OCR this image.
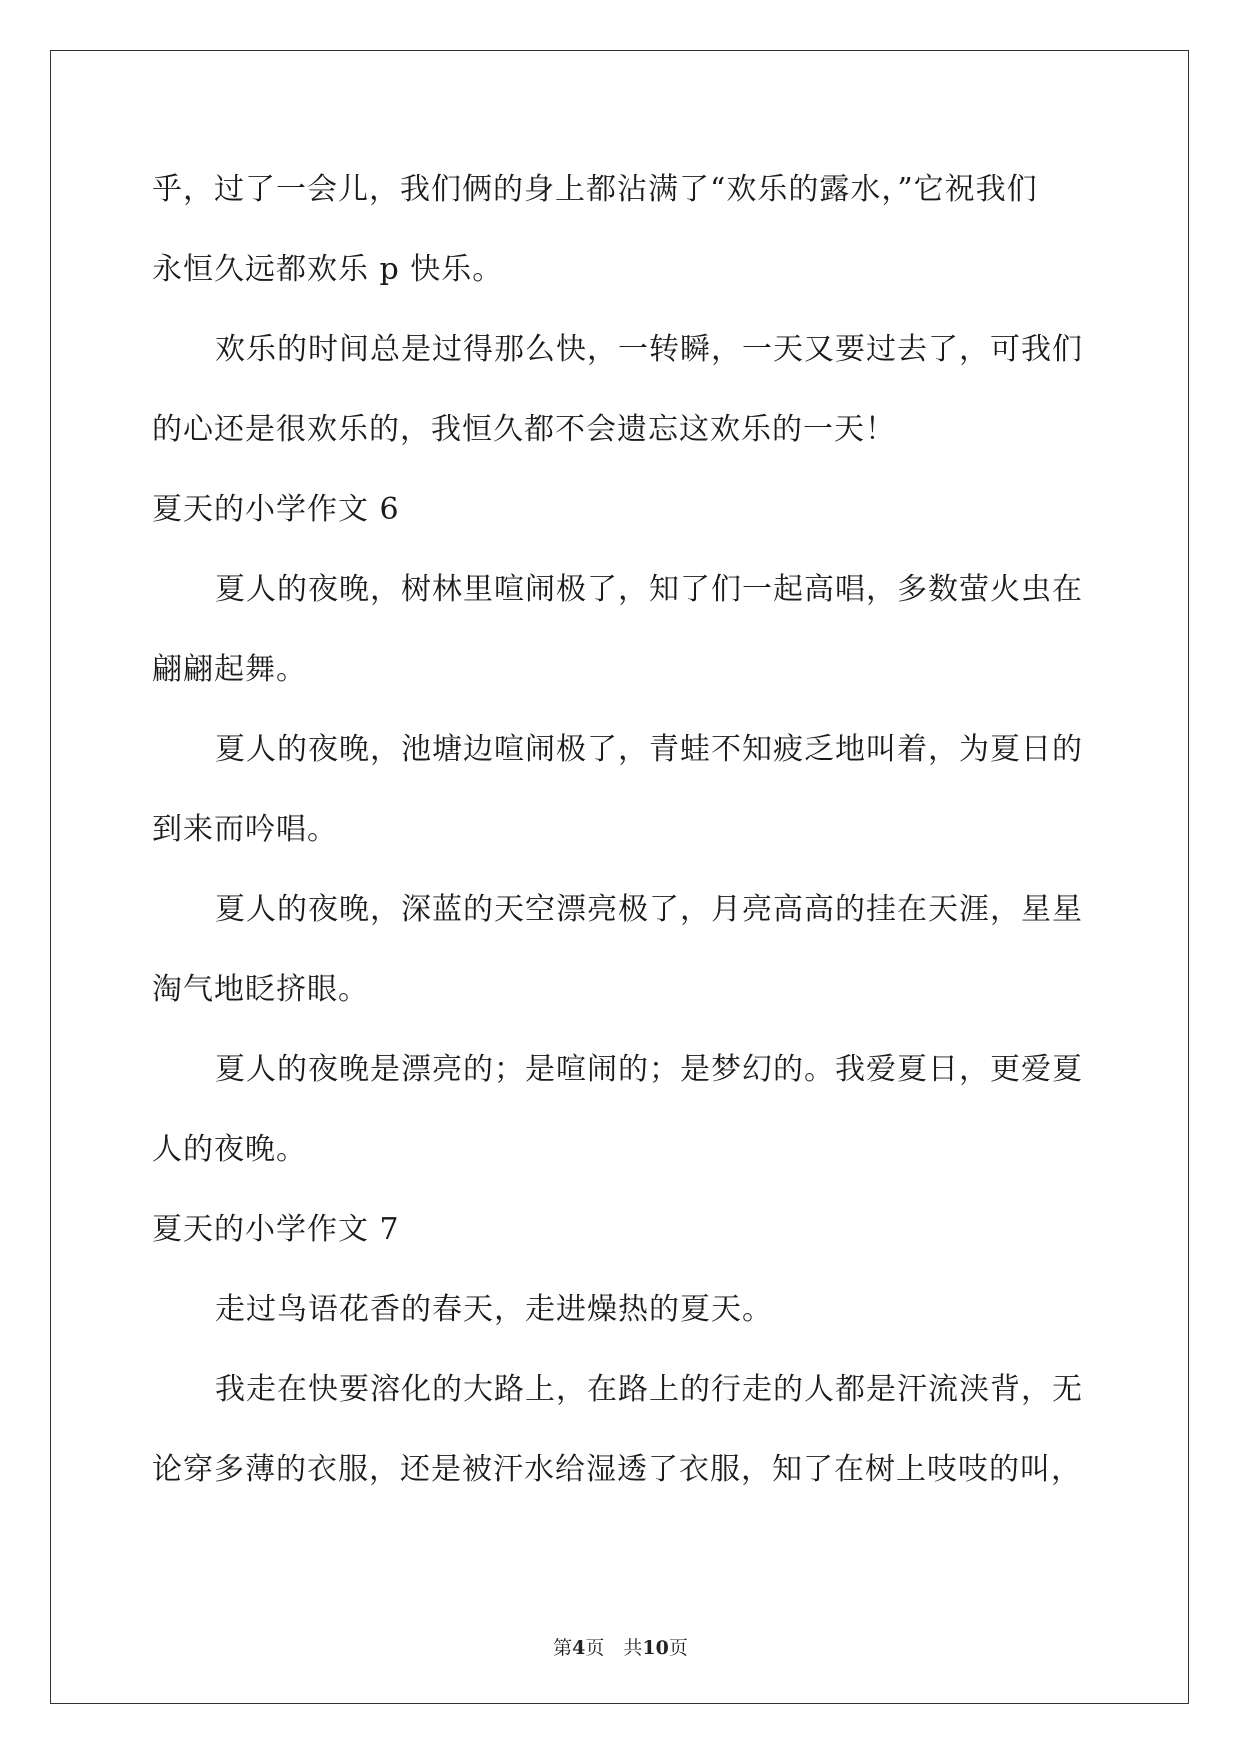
乎，过了一会儿，我们俩的身上都沾满了“欢乐的露水，”它祝我们
永恒久远都欢乐 p 快乐。
欢乐的时间总是过得那么快，一转瞬，一天又要过去了，可我们
的心还是很欢乐的，我恒久都不会遗忘这欢乐的一天！
夏天的小学作文 6
夏人的夜晚，树林里喧闹极了，知了们一起高唱，多数萤火虫在
翩翩起舞。
夏人的夜晚，池塘边喧闹极了，青蛙不知疲乏地叫着，为夏日的
到来而吟唱。
夏人的夜晚，深蓝的天空漂亮极了，月亮高高的挂在天涯，星星
淘气地眨挤眼。
夏人的夜晚是漂亮的；是喧闹的；是梦幻的。我爱夏日，更爱夏
人的夜晚。
夏天的小学作文 7
走过鸟语花香的春天，走进燥热的夏天。
我走在快要溶化的大路上，在路上的行走的人都是汗流浃背，无
论穿多薄的衣服，还是被汗水给湿透了衣服，知了在树上吱吱的叫，
第4页　共10页
